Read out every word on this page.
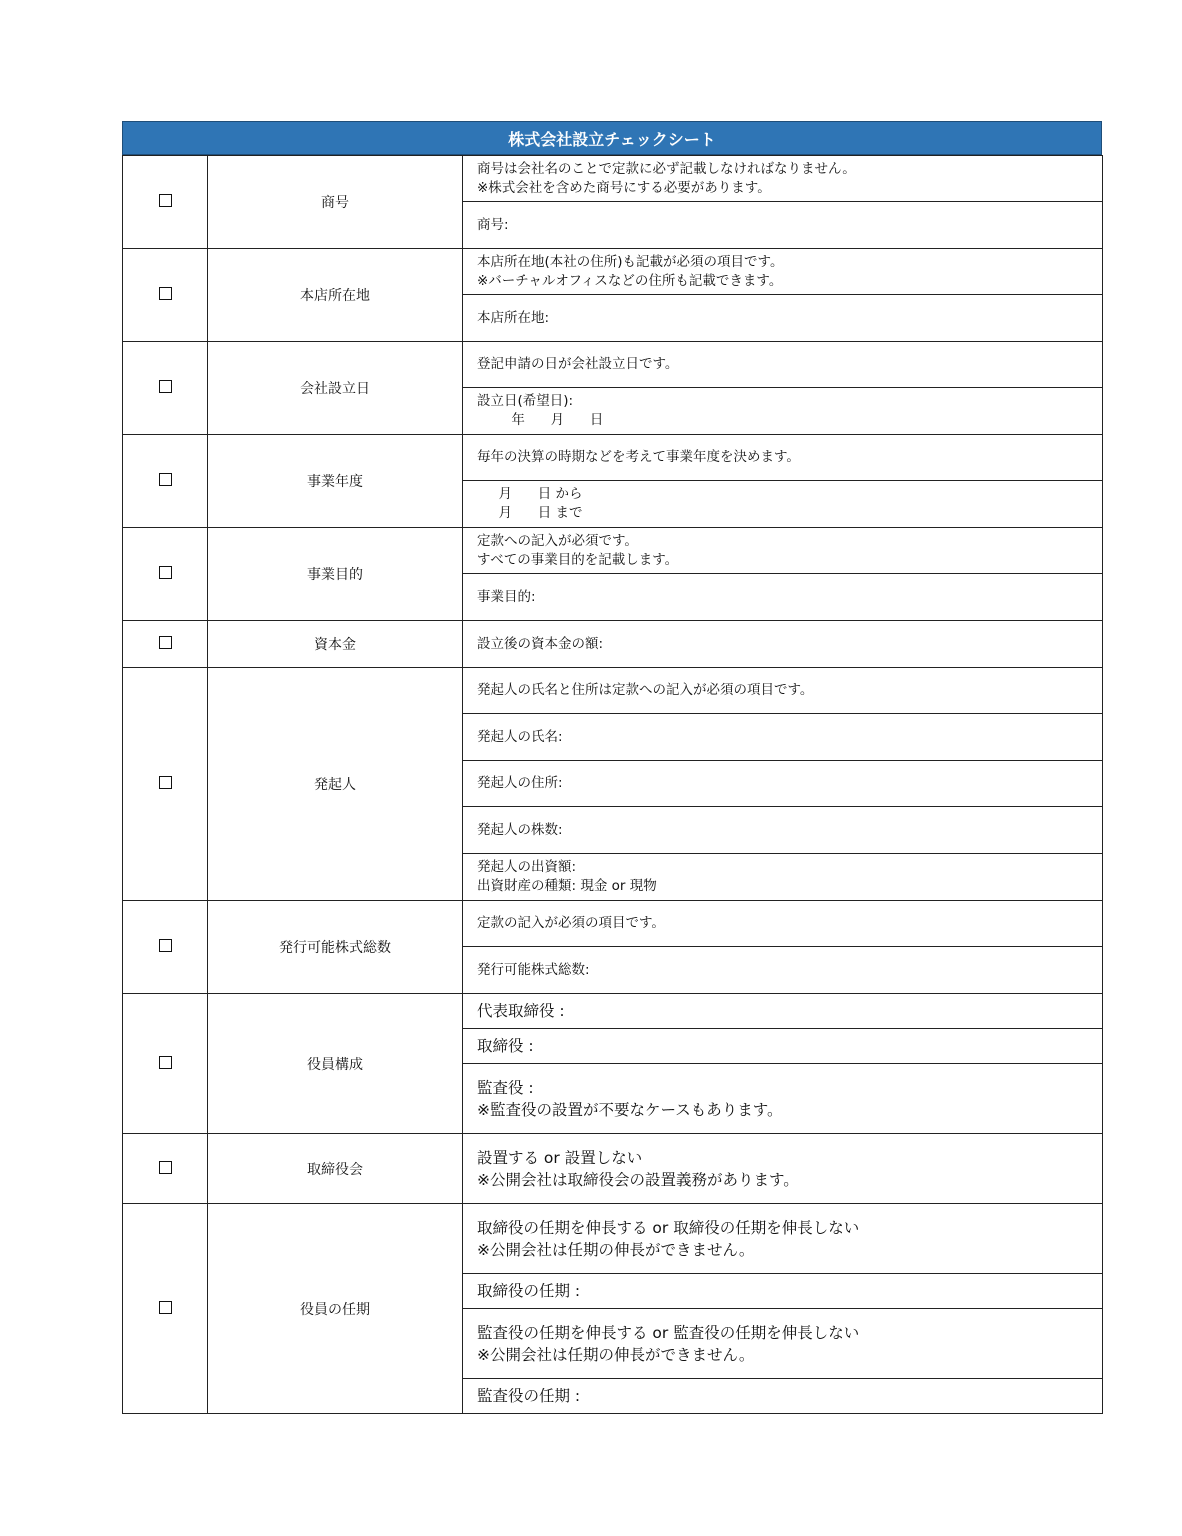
株式会社設立チェックシート
	商号	商号は会社名のことで定款に必ず記載しなければなりません。
※株式会社を含めた商号にする必要があります。
		商号:
	本店所在地	本店所在地(本社の住所)も記載が必須の項目です。
※バーチャルオフィスなどの住所も記載できます。
		本店所在地:
	会社設立日	登記申請の日が会社設立日です。
		設立日(希望日):
年      月      日
	事業年度	毎年の決算の時期などを考えて事業年度を決めます。
		月      日 から
月      日 まで
	事業目的	定款への記入が必須です。
すべての事業目的を記載します。
		事業目的:
	資本金	設立後の資本金の額:
	発起人	発起人の氏名と住所は定款への記入が必須の項目です。
		発起人の氏名:
		発起人の住所:
		発起人の株数:
		発起人の出資額:
出資財産の種類: 現金 or 現物
	発行可能株式総数	定款の記入が必須の項目です。
		発行可能株式総数:
	役員構成	代表取締役 :
		取締役 :
		監査役 :
※監査役の設置が不要なケースもあります。
	取締役会	設置する or 設置しない
※公開会社は取締役会の設置義務があります。
	役員の任期	取締役の任期を伸長する or 取締役の任期を伸長しない
※公開会社は任期の伸長ができません。
		取締役の任期 :
		監査役の任期を伸長する or 監査役の任期を伸長しない
※公開会社は任期の伸長ができません。
		監査役の任期 :
